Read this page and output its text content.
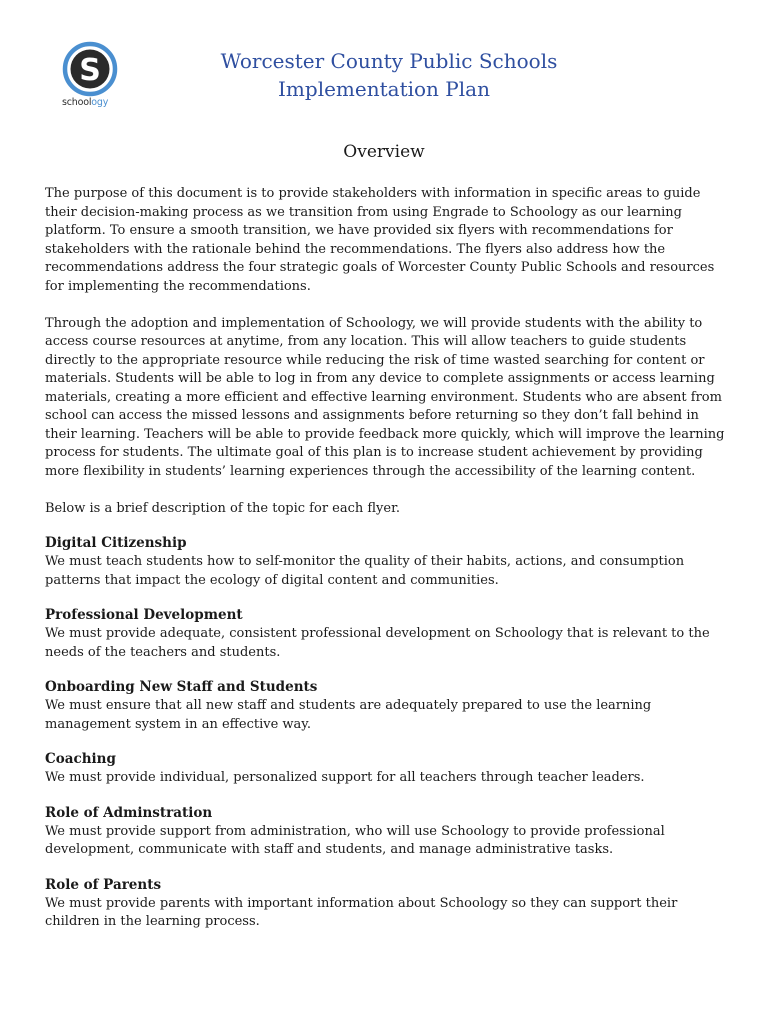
S
schoology
Worcester County Public Schools
Implementation Plan
Overview

The purpose of this document is to provide stakeholders with information in specific areas to guide their decision-making process as we transition from using Engrade to Schoology as our learning platform. To ensure a smooth transition, we have provided six flyers with recommendations for stakeholders with the rationale behind the recommendations. The flyers also address how the recommendations address the four strategic goals of Worcester County Public Schools and resources for implementing the recommendations.

Through the adoption and implementation of Schoology, we will provide students with the ability to access course resources at anytime, from any location. This will allow teachers to guide students directly to the appropriate resource while reducing the risk of time wasted searching for content or materials. Students will be able to log in from any device to complete assignments or access learning materials, creating a more efficient and effective learning environment. Students who are absent from school can access the missed lessons and assignments before returning so they don’t fall behind in their learning. Teachers will be able to provide feedback more quickly, which will improve the learning process for students. The ultimate goal of this plan is to increase student achievement by providing more flexibility in students’ learning experiences through the accessibility of the learning content.

Below is a brief description of the topic for each flyer.

Digital Citizenship

We must teach students how to self-monitor the quality of their habits, actions, and consumption patterns that impact the ecology of digital content and communities.

Professional Development

We must provide adequate, consistent professional development on Schoology that is relevant to the needs of the teachers and students.

Onboarding New Staff and Students

We must ensure that all new staff and students are adequately prepared to use the learning management system in an effective way.

Coaching

We must provide individual, personalized support for all teachers through teacher leaders.

Role of Adminstration

We must provide support from administration, who will use Schoology to provide professional development, communicate with staff and students, and manage administrative tasks.

Role of Parents

We must provide parents with important information about Schoology so they can support their children in the learning process.
